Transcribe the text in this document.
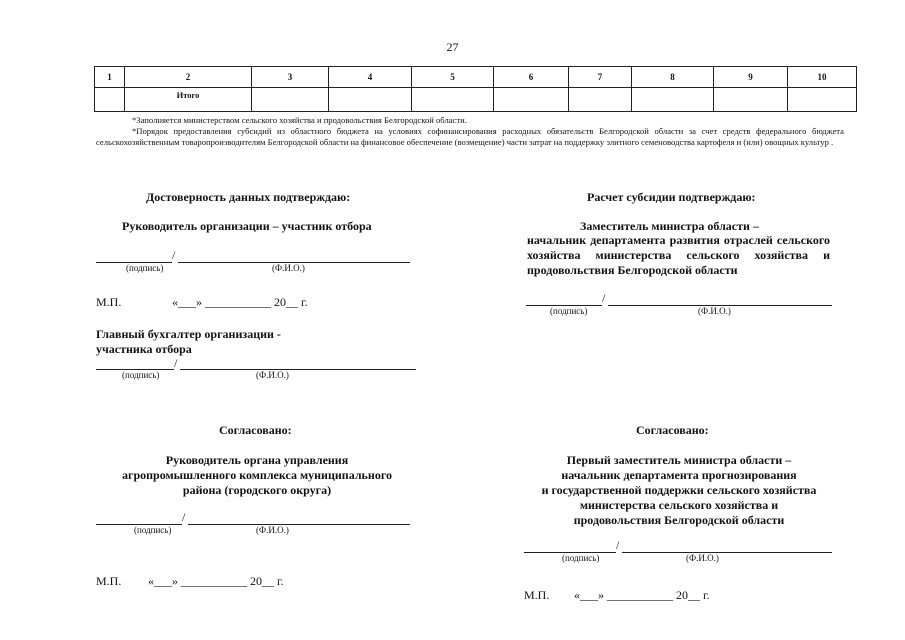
27
1	2	3	4	5	6	7	8	9	10
	Итого								

*Заполняется министерством сельского хозяйства и продовольствия Белгородской области.

*Порядок предоставления субсидий из областного бюджета на условиях софинансирования расходных обязательств Белгородской области за счет средств федерального бюджета сельскохозяйственным товаропроизводителям Белгородской области на финансовое обеспечение (возмещение) части затрат на поддержку элитного семеноводства картофеля и (или) овощных культур .

Достоверность данных подтверждаю:
Руководитель организации – участник отбора
/
(подпись)	(Ф.И.О.)
М.П.	«___» ___________ 20__ г.
Главный бухгалтер организации -
участника отбора
/
(подпись)	(Ф.И.О.)
Расчет субсидии подтверждаю:
Заместитель министра области –
начальник департамента развития отраслей сельского хозяйства министерства сельского хозяйства и продовольствия Белгородской области
/
(подпись)	(Ф.И.О.)
Согласовано:
Руководитель органа управления
агропромышленного комплекса муниципального
района (городского округа)
/
(подпись)	(Ф.И.О.)
М.П. «___» ___________ 20__ г.
Согласовано:
Первый заместитель министра области –
начальник департамента прогнозирования
и государственной поддержки сельского хозяйства
министерства сельского хозяйства и
продовольствия Белгородской области
/
(подпись)	(Ф.И.О.)
М.П. «___» ___________ 20__ г.
